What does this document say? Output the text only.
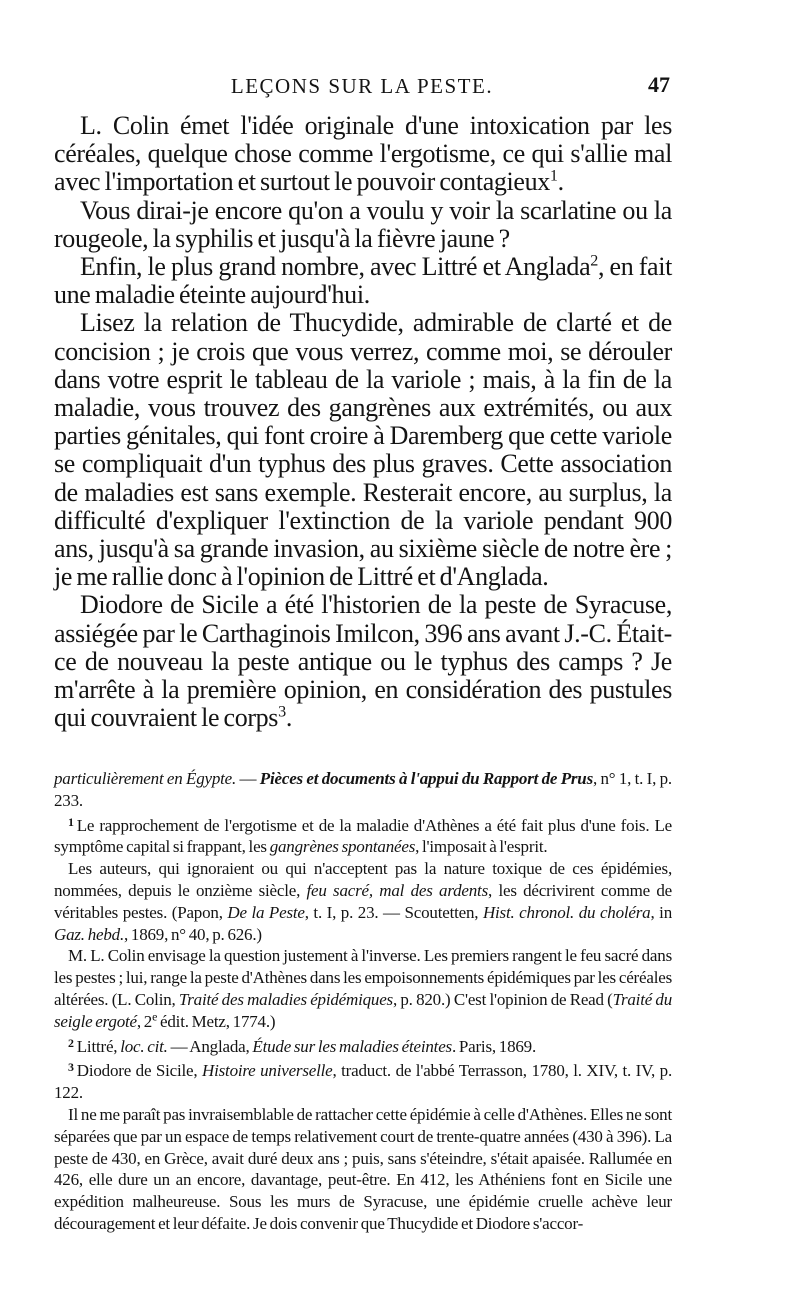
LEÇONS SUR LA PESTE.	47

L. Colin émet l'idée originale d'une intoxication par les céréales, quelque chose comme l'ergotisme, ce qui s'allie mal avec l'importation et surtout le pouvoir contagieux$^1$.

Vous dirai-je encore qu'on a voulu y voir la scarlatine ou la rougeole, la syphilis et jusqu'à la fièvre jaune ?

Enfin, le plus grand nombre, avec Littré et Anglada$^2$, en fait une maladie éteinte aujourd'hui.

Lisez la relation de Thucydide, admirable de clarté et de concision ; je crois que vous verrez, comme moi, se dérouler dans votre esprit le tableau de la variole ; mais, à la fin de la maladie, vous trouvez des gangrènes aux extrémités, ou aux parties génitales, qui font croire à Daremberg que cette variole se compliquait d'un typhus des plus graves. Cette association de maladies est sans exemple. Resterait encore, au surplus, la difficulté d'expliquer l'extinction de la variole pendant 900 ans, jusqu'à sa grande invasion, au sixième siècle de notre ère ; je me rallie donc à l'opinion de Littré et d'Anglada.

Diodore de Sicile a été l'historien de la peste de Syracuse, assiégée par le Carthaginois Imilcon, 396 ans avant J.-C. Était-ce de nouveau la peste antique ou le typhus des camps ? Je m'arrête à la première opinion, en considération des pustules qui couvraient le corps$^3$.

particulièrement en Égypte. — Pièces et documents à l'appui du Rapport de Prus, n° 1, t. I, p. 233.

$^1$ Le rapprochement de l'ergotisme et de la maladie d'Athènes a été fait plus d'une fois. Le symptôme capital si frappant, les gangrènes spontanées, l'imposait à l'esprit.

Les auteurs, qui ignoraient ou qui n'acceptent pas la nature toxique de ces épidémies, nommées, depuis le onzième siècle, feu sacré, mal des ardents, les décrivirent comme de véritables pestes. (Papon, De la Peste, t. I, p. 23. — Scoutetten, Hist. chronol. du choléra, in Gaz. hebd., 1869, n° 40, p. 626.)

M. L. Colin envisage la question justement à l'inverse. Les premiers rangent le feu sacré dans les pestes ; lui, range la peste d'Athènes dans les empoisonnements épidémiques par les céréales altérées. (L. Colin, Traité des maladies épidémiques, p. 820.) C'est l'opinion de Read (Traité du seigle ergoté, 2e édit. Metz, 1774.)

$^2$ Littré, loc. cit. — Anglada, Étude sur les maladies éteintes. Paris, 1869.

$^3$ Diodore de Sicile, Histoire universelle, traduct. de l'abbé Terrasson, 1780, l. XIV, t. IV, p. 122.

Il ne me paraît pas invraisemblable de rattacher cette épidémie à celle d'Athènes. Elles ne sont séparées que par un espace de temps relativement court de trente-quatre années (430 à 396). La peste de 430, en Grèce, avait duré deux ans ; puis, sans s'éteindre, s'était apaisée. Rallumée en 426, elle dure un an encore, davantage, peut-être. En 412, les Athéniens font en Sicile une expédition malheureuse. Sous les murs de Syracuse, une épidémie cruelle achève leur découragement et leur défaite. Je dois convenir que Thucydide et Diodore s'accor-
